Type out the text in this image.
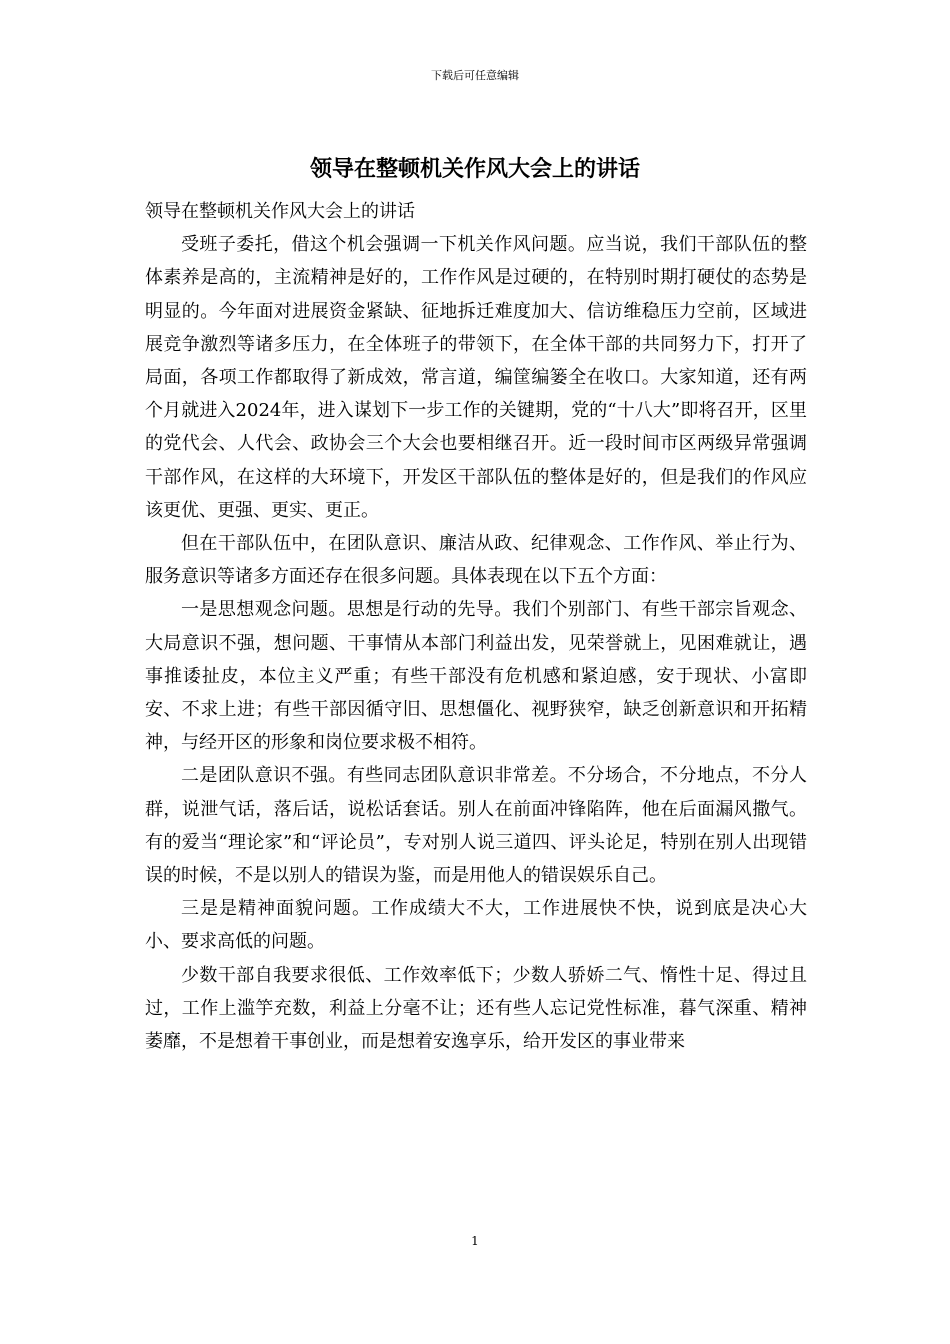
下载后可任意编辑
领导在整顿机关作风大会上的讲话

领导在整顿机关作风大会上的讲话

受班子委托，借这个机会强调一下机关作风问题。应当说，我们干部队伍的整体素养是高的，主流精神是好的，工作作风是过硬的，在特别时期打硬仗的态势是明显的。今年面对进展资金紧缺、征地拆迁难度加大、信访维稳压力空前，区域进展竞争激烈等诸多压力，在全体班子的带领下，在全体干部的共同努力下，打开了局面，各项工作都取得了新成效，常言道，编筐编篓全在收口。大家知道，还有两个月就进入2024年，进入谋划下一步工作的关键期，党的“十八大”即将召开，区里的党代会、人代会、政协会三个大会也要相继召开。近一段时间市区两级异常强调干部作风，在这样的大环境下，开发区干部队伍的整体是好的，但是我们的作风应该更优、更强、更实、更正。

但在干部队伍中，在团队意识、廉洁从政、纪律观念、工作作风、举止行为、服务意识等诸多方面还存在很多问题。具体表现在以下五个方面：

一是思想观念问题。思想是行动的先导。我们个别部门、有些干部宗旨观念、大局意识不强，想问题、干事情从本部门利益出发，见荣誉就上，见困难就让，遇事推诿扯皮，本位主义严重；有些干部没有危机感和紧迫感，安于现状、小富即安、不求上进；有些干部因循守旧、思想僵化、视野狭窄，缺乏创新意识和开拓精神，与经开区的形象和岗位要求极不相符。

二是团队意识不强。有些同志团队意识非常差。不分场合，不分地点，不分人群，说泄气话，落后话，说松话套话。别人在前面冲锋陷阵，他在后面漏风撒气。有的爱当“理论家”和“评论员”，专对别人说三道四、评头论足，特别在别人出现错误的时候，不是以别人的错误为鉴，而是用他人的错误娱乐自己。

三是是精神面貌问题。工作成绩大不大，工作进展快不快，说到底是决心大小、要求高低的问题。

少数干部自我要求很低、工作效率低下；少数人骄娇二气、惰性十足、得过且过，工作上滥竽充数，利益上分毫不让；还有些人忘记党性标准，暮气深重、精神萎靡，不是想着干事创业，而是想着安逸享乐，给开发区的事业带来

1
